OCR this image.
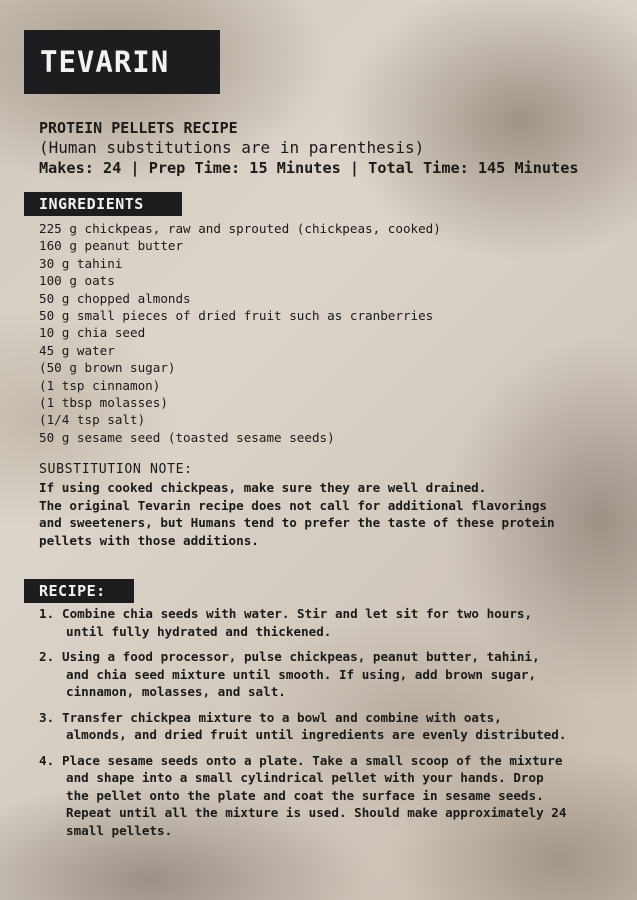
TEVARIN
PROTEIN PELLETS RECIPE
(Human substitutions are in parenthesis)
Makes: 24 | Prep Time: 15 Minutes | Total Time: 145 Minutes
INGREDIENTS
225 g chickpeas, raw and sprouted (chickpeas, cooked)
160 g peanut butter
30 g tahini
100 g oats
50 g chopped almonds
50 g small pieces of dried fruit such as cranberries
10 g chia seed
45 g water
(50 g brown sugar)
(1 tsp cinnamon)
(1 tbsp molasses)
(1/4 tsp salt)
50 g sesame seed (toasted sesame seeds)
SUBSTITUTION NOTE:

If using cooked chickpeas, make sure they are well drained.

The original Tevarin recipe does not call for additional flavorings

and sweeteners, but Humans tend to prefer the taste of these protein

pellets with those additions.

RECIPE:
1. Combine chia seeds with water. Stir and let sit for two hours,
until fully hydrated and thickened.
2. Using a food processor, pulse chickpeas, peanut butter, tahini,
and chia seed mixture until smooth. If using, add brown sugar,
cinnamon, molasses, and salt.
3. Transfer chickpea mixture to a bowl and combine with oats,
almonds, and dried fruit until ingredients are evenly distributed.
4. Place sesame seeds onto a plate. Take a small scoop of the mixture
and shape into a small cylindrical pellet with your hands. Drop
the pellet onto the plate and coat the surface in sesame seeds.
Repeat until all the mixture is used. Should make approximately 24
small pellets.
